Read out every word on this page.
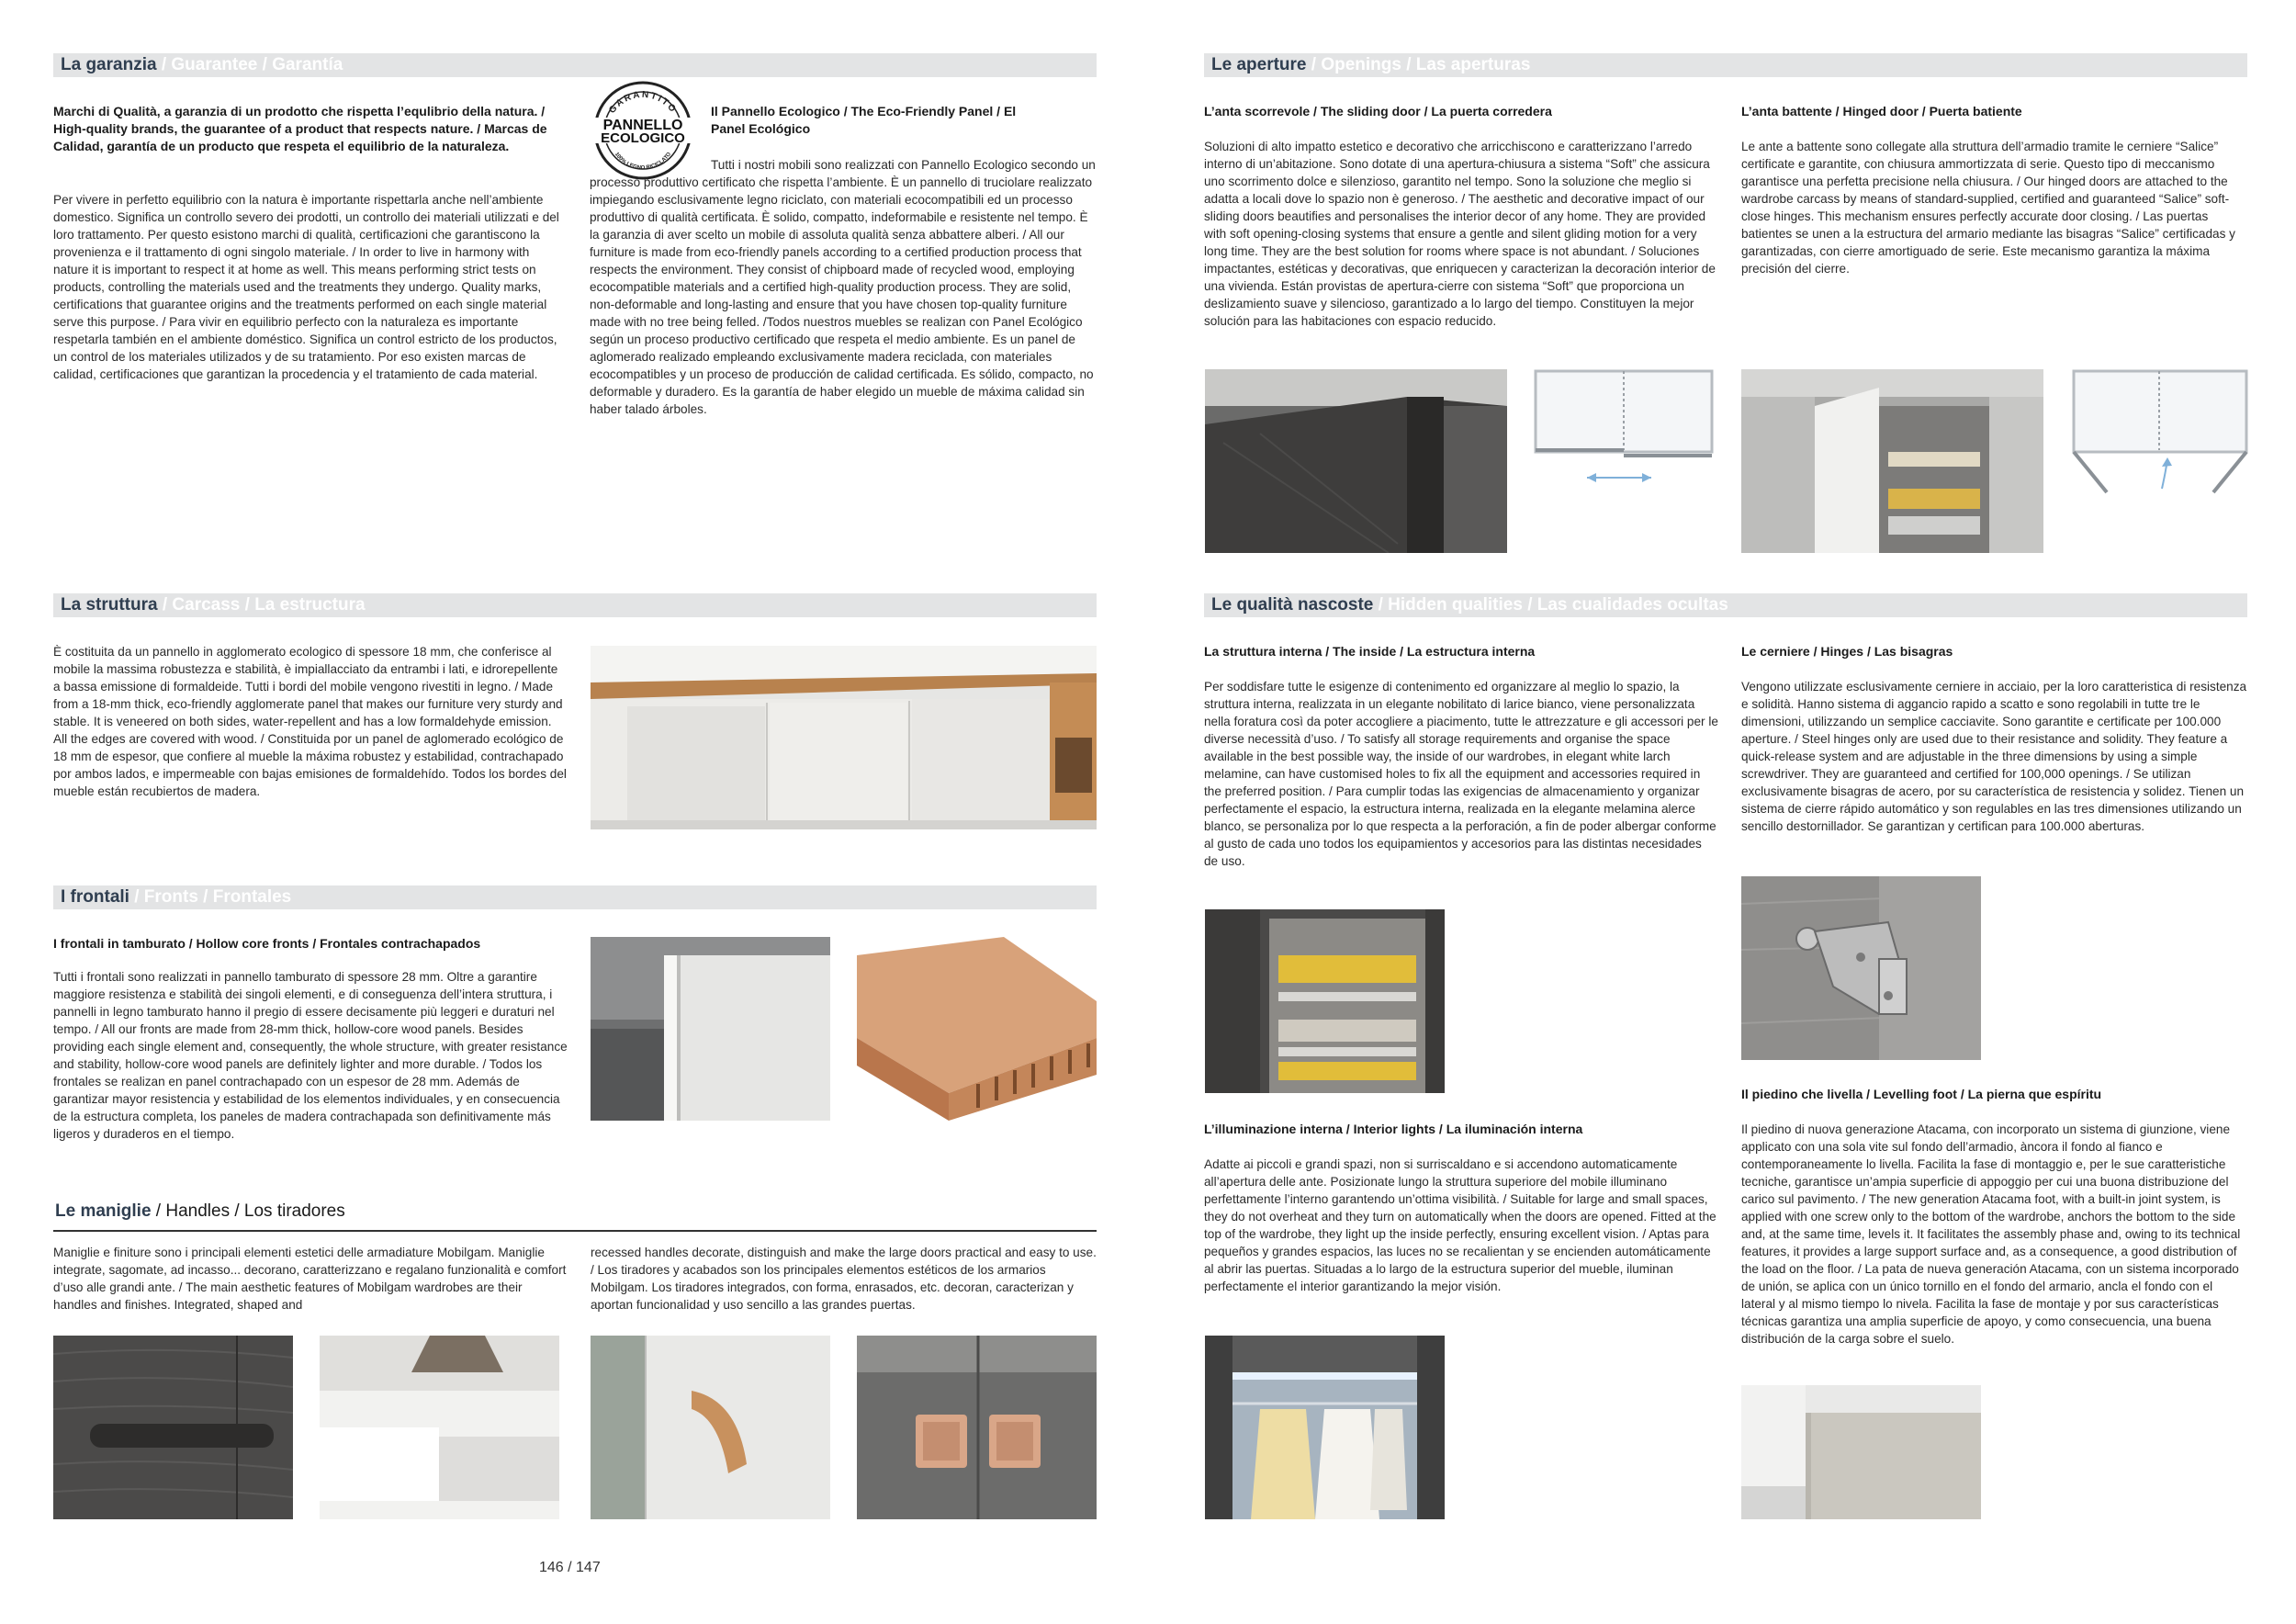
La garanzia / Guarantee / Garantía
Marchi di Qualità, a garanzia di un prodotto che rispetta l’equlibrio della natura. / High-quality brands, the guarantee of a product that respects nature. / Marcas de Calidad, garantía de un producto que respeta el equilibrio de la naturaleza.
Per vivere in perfetto equilibrio con la natura è importante rispettarla anche nell’ambiente domestico. Significa un controllo severo dei prodotti, un controllo dei materiali utilizzati e del loro trattamento. Per questo esistono marchi di qualità, certificazioni che garantiscono la provenienza e il trattamento di ogni singolo materiale. / In order to live in harmony with nature it is important to respect it at home as well. This means performing strict tests on products, controlling the materials used and the treatments they undergo. Quality marks, certifications that guarantee origins and the treatments performed on each single material serve this purpose. / Para vivir en equilibrio perfecto con la naturaleza es importante respetarla también en el ambiente doméstico. Significa un control estricto de los productos, un control de los materiales utilizados y de su tratamiento. Por eso existen marcas de calidad, certificaciones que garantizan la procedencia y el tratamiento de cada material.
GARANTITO
PANNELLO
ECOLOGICO
100% LEGNO RICICLATO
Il Pannello Ecologico / The Eco-Friendly Panel / El Panel Ecológico
Tutti i nostri mobili sono realizzati con Pannello Ecologico secondo un processo produttivo certificato che rispetta l’ambiente. È un pannello di truciolare realizzato impiegando esclusivamente legno riciclato, con materiali ecocompatibili ed un processo produttivo di qualità certificata. È solido, compatto, indeformabile e resistente nel tempo. È la garanzia di aver scelto un mobile di assoluta qualità senza abbattere alberi. / All our furniture is made from eco-friendly panels according to a certified production process that respects the environment. They consist of chipboard made of recycled wood, employing ecocompatible materials and a certified high-quality production process. They are solid, non-deformable and long-lasting and ensure that you have chosen top-quality furniture made with no tree being felled. /Todos nuestros muebles se realizan con Panel Ecológico según un proceso productivo certificado que respeta el medio ambiente. Es un panel de aglomerado realizado empleando exclusivamente madera reciclada, con materiales ecocompatibles y un proceso de producción de calidad certificada. Es sólido, compacto, no deformable y duradero. Es la garantía de haber elegido un mueble de máxima calidad sin haber talado árboles.
La struttura / Carcass / La estructura
È costituita da un pannello in agglomerato ecologico di spessore 18 mm, che conferisce al mobile la massima robustezza e stabilità, è impiallacciato da entrambi i lati, e idrorepellente a bassa emissione di formaldeide. Tutti i bordi del mobile vengono rivestiti in legno. / Made from a 18-mm thick, eco-friendly agglomerate panel that makes our furniture very sturdy and stable. It is veneered on both sides, water-repellent and has a low formaldehyde emission. All the edges are covered with wood. / Constituida por un panel de aglomerado ecológico de 18 mm de espesor, que confiere al mueble la máxima robustez y estabilidad, contrachapado por ambos lados, e impermeable con bajas emisiones de formaldehído. Todos los bordes del mueble están recubiertos de madera.
I frontali / Fronts / Frontales
I frontali in tamburato / Hollow core fronts / Frontales contrachapados
Tutti i frontali sono realizzati in pannello tamburato di spessore 28 mm. Oltre a garantire maggiore resistenza e stabilità dei singoli elementi, e di conseguenza dell’intera struttura, i pannelli in legno tamburato hanno il pregio di essere decisamente più leggeri e duraturi nel tempo. / All our fronts are made from 28-mm thick, hollow-core wood panels. Besides providing each single element and, consequently, the whole structure, with greater resistance and stability, hollow-core wood panels are definitely lighter and more durable. / Todos los frontales se realizan en panel contrachapado con un espesor de 28 mm. Además de garantizar mayor resistencia y estabilidad de los elementos individuales, y en consecuencia de la estructura completa, los paneles de madera contrachapada son definitivamente más ligeros y duraderos en el tiempo.
Le maniglie / Handles / Los tiradores
Maniglie e finiture sono i principali elementi estetici delle armadiature Mobilgam. Maniglie integrate, sagomate, ad incasso... decorano, caratterizzano e regalano funzionalità e comfort d’uso alle grandi ante. / The main aesthetic features of Mobilgam wardrobes are their handles and finishes. Integrated, shaped and
recessed handles decorate, distinguish and make the large doors practical and easy to use. / Los tiradores y acabados son los principales elementos estéticos de los armarios Mobilgam. Los tiradores integrados, con forma, enrasados, etc. decoran, caracterizan y aportan funcionalidad y uso sencillo a las grandes puertas.
146 / 147
Le aperture / Openings / Las aperturas
L’anta scorrevole / The sliding door / La puerta corredera
Soluzioni di alto impatto estetico e decorativo che arricchiscono e caratterizzano l’arredo interno di un’abitazione. Sono dotate di una apertura-chiusura a sistema “Soft” che assicura uno scorrimento dolce e silenzioso, garantito nel tempo. Sono la soluzione che meglio si adatta a locali dove lo spazio non è generoso. / The aesthetic and decorative impact of our sliding doors beautifies and personalises the interior decor of any home. They are provided with soft opening-closing systems that ensure a gentle and silent gliding motion for a very long time. They are the best solution for rooms where space is not abundant. / Soluciones impactantes, estéticas y decorativas, que enriquecen y caracterizan la decoración interior de una vivienda. Están provistas de apertura-cierre con sistema “Soft” que proporciona un deslizamiento suave y silencioso, garantizado a lo largo del tiempo. Constituyen la mejor solución para las habitaciones con espacio reducido.
L’anta battente / Hinged door / Puerta batiente
Le ante a battente sono collegate alla struttura dell’armadio tramite le cerniere “Salice” certificate e garantite, con chiusura ammortizzata di serie. Questo tipo di meccanismo garantisce una perfetta precisione nella chiusura. / Our hinged doors are attached to the wardrobe carcass by means of standard-supplied, certified and guaranteed “Salice” soft-close hinges. This mechanism ensures perfectly accurate door closing. / Las puertas batientes se unen a la estructura del armario mediante las bisagras “Salice” certificadas y garantizadas, con cierre amortiguado de serie. Este mecanismo garantiza la máxima precisión del cierre.
Le qualità nascoste / Hidden qualities / Las cualidades ocultas
La struttura interna / The inside / La estructura interna
Per soddisfare tutte le esigenze di contenimento ed organizzare al meglio lo spazio, la struttura interna, realizzata in un elegante nobilitato di larice bianco, viene personalizzata nella foratura così da poter accogliere a piacimento, tutte le attrezzature e gli accessori per le diverse necessità d’uso. / To satisfy all storage requirements and organise the space available in the best possible way, the inside of our wardrobes, in elegant white larch melamine, can have customised holes to fix all the equipment and accessories required in the preferred position. / Para cumplir todas las exigencias de almacenamiento y organizar perfectamente el espacio, la estructura interna, realizada en la elegante melamina alerce blanco, se personaliza por lo que respecta a la perforación, a fin de poder albergar conforme al gusto de cada uno todos los equipamientos y accesorios para las distintas necesidades de uso.
Le cerniere / Hinges / Las bisagras
Vengono utilizzate esclusivamente cerniere in acciaio, per la loro caratteristica di resistenza e solidità. Hanno sistema di aggancio rapido a scatto e sono regolabili in tutte tre le dimensioni, utilizzando un semplice cacciavite. Sono garantite e certificate per 100.000 aperture. / Steel hinges only are used due to their resistance and solidity. They feature a quick-release system and are adjustable in the three dimensions by using a simple screwdriver. They are guaranteed and certified for 100,000 openings. / Se utilizan exclusivamente bisagras de acero, por su característica de resistencia y solidez. Tienen un sistema de cierre rápido automático y son regulables en las tres dimensiones utilizando un sencillo destornillador. Se garantizan y certifican para 100.000 aberturas.
Il piedino che livella / Levelling foot / La pierna que espíritu
Il piedino di nuova generazione Atacama, con incorporato un sistema di giunzione, viene applicato con una sola vite sul fondo dell’armadio, àncora il fondo al fianco e contemporaneamente lo livella. Facilita la fase di montaggio e, per le sue caratteristiche tecniche, garantisce un’ampia superficie di appoggio per cui una buona distribuzione del carico sul pavimento. / The new generation Atacama foot, with a built-in joint system, is applied with one screw only to the bottom of the wardrobe, anchors the bottom to the side and, at the same time, levels it. It facilitates the assembly phase and, owing to its technical features, it provides a large support surface and, as a consequence, a good distribution of the load on the floor. / La pata de nueva generación Atacama, con un sistema incorporado de unión, se aplica con un único tornillo en el fondo del armario, ancla el fondo con el lateral y al mismo tiempo lo nivela. Facilita la fase de montaje y por sus características técnicas garantiza una amplia superficie de apoyo, y como consecuencia, una buena distribución de la carga sobre el suelo.
L’illuminazione interna / Interior lights / La iluminación interna
Adatte ai piccoli e grandi spazi, non si surriscaldano e si accendono automaticamente all’apertura delle ante. Posizionate lungo la struttura superiore del mobile illuminano perfettamente l’interno garantendo un’ottima visibilità. / Suitable for large and small spaces, they do not overheat and they turn on automatically when the doors are opened. Fitted at the top of the wardrobe, they light up the inside perfectly, ensuring excellent vision. / Aptas para pequeños y grandes espacios, las luces no se recalientan y se encienden automáticamente al abrir las puertas. Situadas a lo largo de la estructura superior del mueble, iluminan perfectamente el interior garantizando la mejor visión.
